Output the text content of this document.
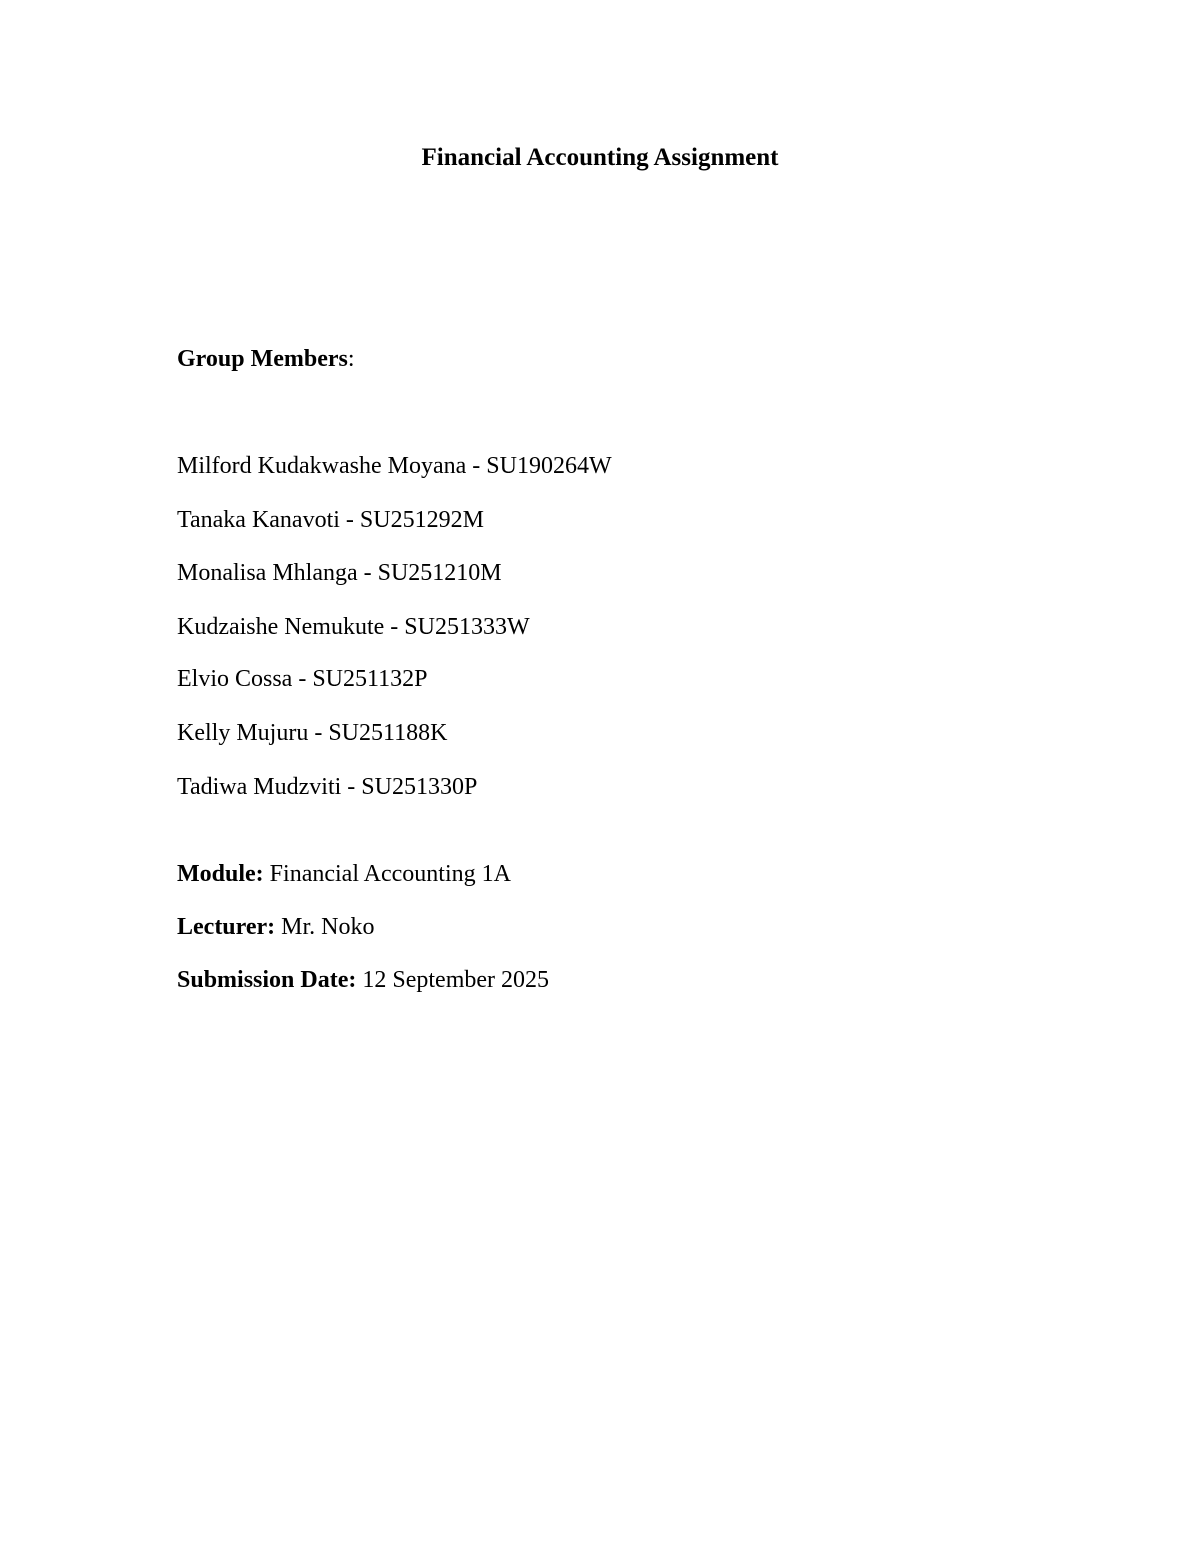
Financial Accounting Assignment
Group Members:
Milford Kudakwashe Moyana - SU190264W
Tanaka Kanavoti - SU251292M
Monalisa Mhlanga - SU251210M
Kudzaishe Nemukute - SU251333W
Elvio Cossa - SU251132P
Kelly Mujuru - SU251188K
Tadiwa Mudzviti - SU251330P
Module: Financial Accounting 1A
Lecturer: Mr. Noko
Submission Date: 12 September 2025
